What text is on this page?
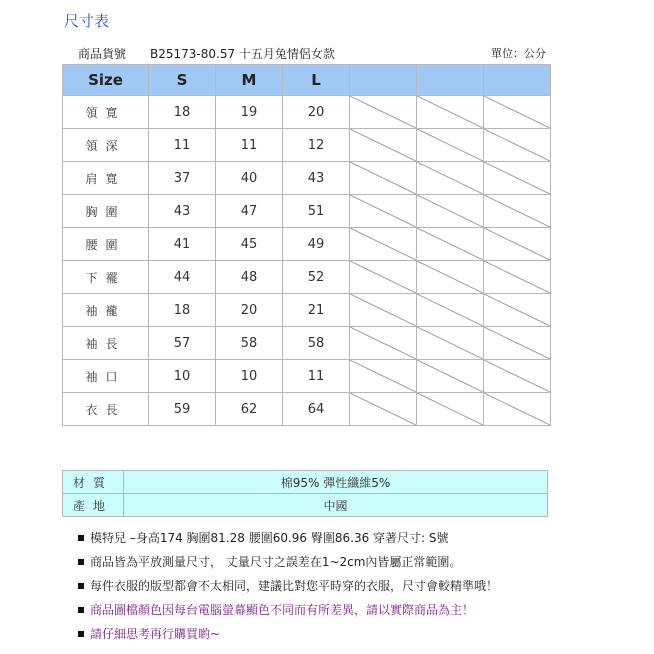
尺寸表
商品貨號 B25173-80.57 十五月兔情侶女款	單位：公分
Size	S	M	L			
領寬	18	19	20	

領深	11	11	12	

肩寬	37	40	43	

胸圍	43	47	51	

腰圍	41	45	49	

下襬	44	48	52	

袖襱	18	20	21	

袖長	57	58	58	

袖口	10	10	11	

衣長	59	62	64	

材質	棉95% 彈性纖維5%
產地	中國
模特兒 –身高174 胸圍81.28 腰圍60.96 臀圍86.36 穿著尺寸: S號
商品皆為平放測量尺寸， 丈量尺寸之誤差在1~2cm內皆屬正常範圍。
每件衣服的版型都會不太相同，建議比對您平時穿的衣服，尺寸會較精準哦！
商品圖檔顏色因每台電腦螢幕顯色不同而有所差異，請以實際商品為主！
請仔細思考再行購買喲~
